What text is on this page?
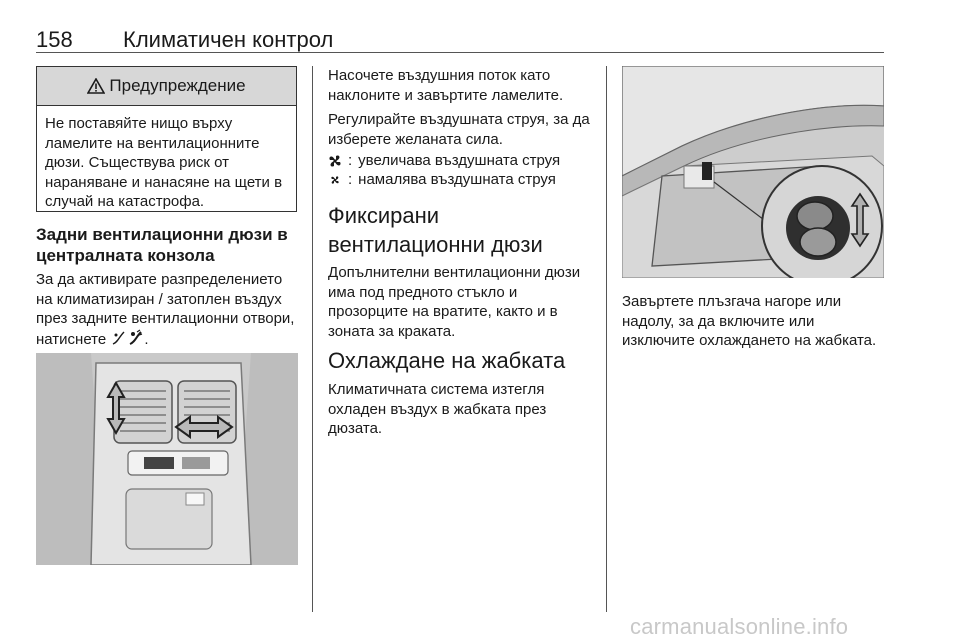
158 Климатичен контрол
Предупреждение
Не поставяйте нищо върху ламелите на вентилационните дюзи. Съществува риск от нараняване и нанасяне на щети в случай на катастрофа.
Задни вентилационни дюзи в централната конзола
За да активирате разпределението на климатизиран / затоплен въздух през задните вентилационни отвори, натиснете	.
Насочете въздушния поток като наклоните и завъртите ламелите.
Регулирайте въздушната струя, за да изберете желаната сила.
: увеличава въздушната струя
: намалява въздушната струя
Фиксирани вентилационни дюзи
Допълнителни вентилационни дюзи има под предното стъкло и прозорците на вратите, както и в зоната за краката.
Охлаждане на жабката
Климатичната система изтегля охладен въздух в жабката през дюзата.
Завъртете плъзгача нагоре или надолу, за да включите или изключите охлаждането на жабката.
carmanualsonline.info
